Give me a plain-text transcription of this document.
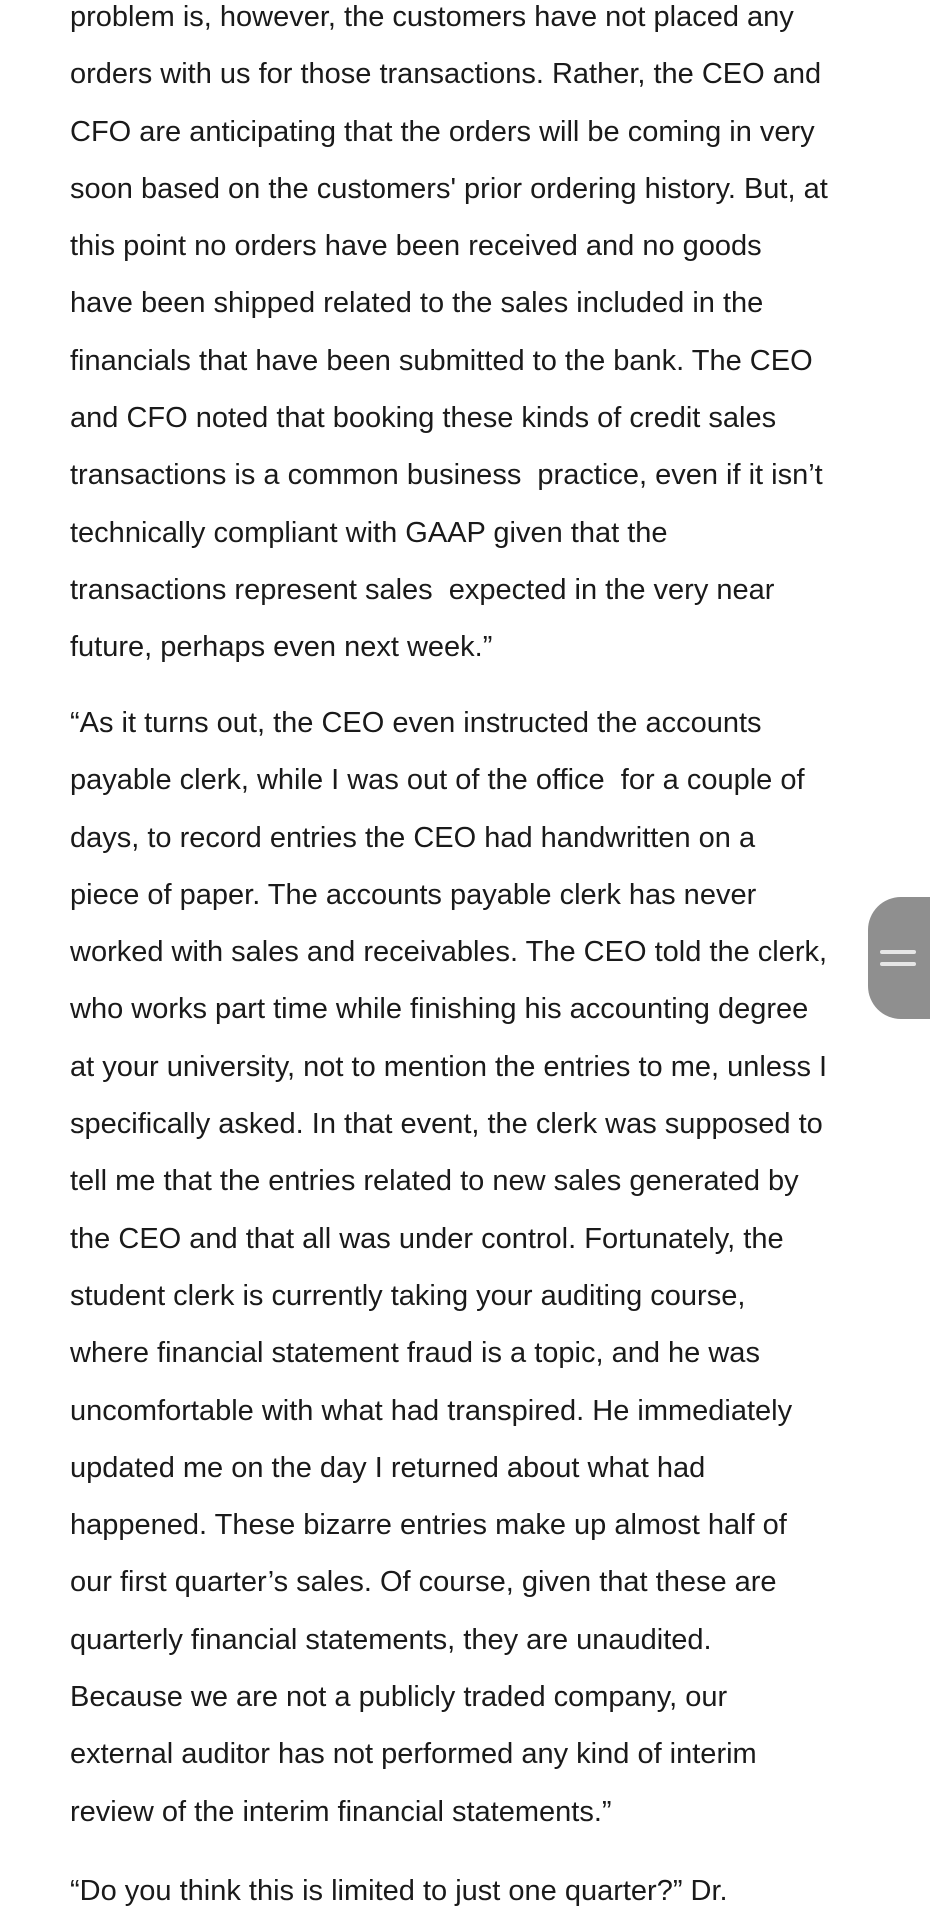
problem is, however, the customers have not placed any

orders with us for those transactions. Rather, the CEO and

CFO are anticipating that the orders will be coming in very

soon based on the customers' prior ordering history. But, at

this point no orders have been received and no goods

have been shipped related to the sales included in the

financials that have been submitted to the bank. The CEO

and CFO noted that booking these kinds of credit sales

transactions is a common business  practice, even if it isn’t

technically compliant with GAAP given that the

transactions represent sales  expected in the very near

future, perhaps even next week.”

“As it turns out, the CEO even instructed the accounts

payable clerk, while I was out of the office  for a couple of

days, to record entries the CEO had handwritten on a

piece of paper. The accounts payable clerk has never

worked with sales and receivables. The CEO told the clerk,

who works part time while finishing his accounting degree

at your university, not to mention the entries to me, unless I

specifically asked. In that event, the clerk was supposed to

tell me that the entries related to new sales generated by

the CEO and that all was under control. Fortunately, the

student clerk is currently taking your auditing course,

where financial statement fraud is a topic, and he was

uncomfortable with what had transpired. He immediately

updated me on the day I returned about what had

happened. These bizarre entries make up almost half of

our first quarter’s sales. Of course, given that these are

quarterly financial statements, they are unaudited.

Because we are not a publicly traded company, our

external auditor has not performed any kind of interim

review of the interim financial statements.”

“Do you think this is limited to just one quarter?” Dr.
